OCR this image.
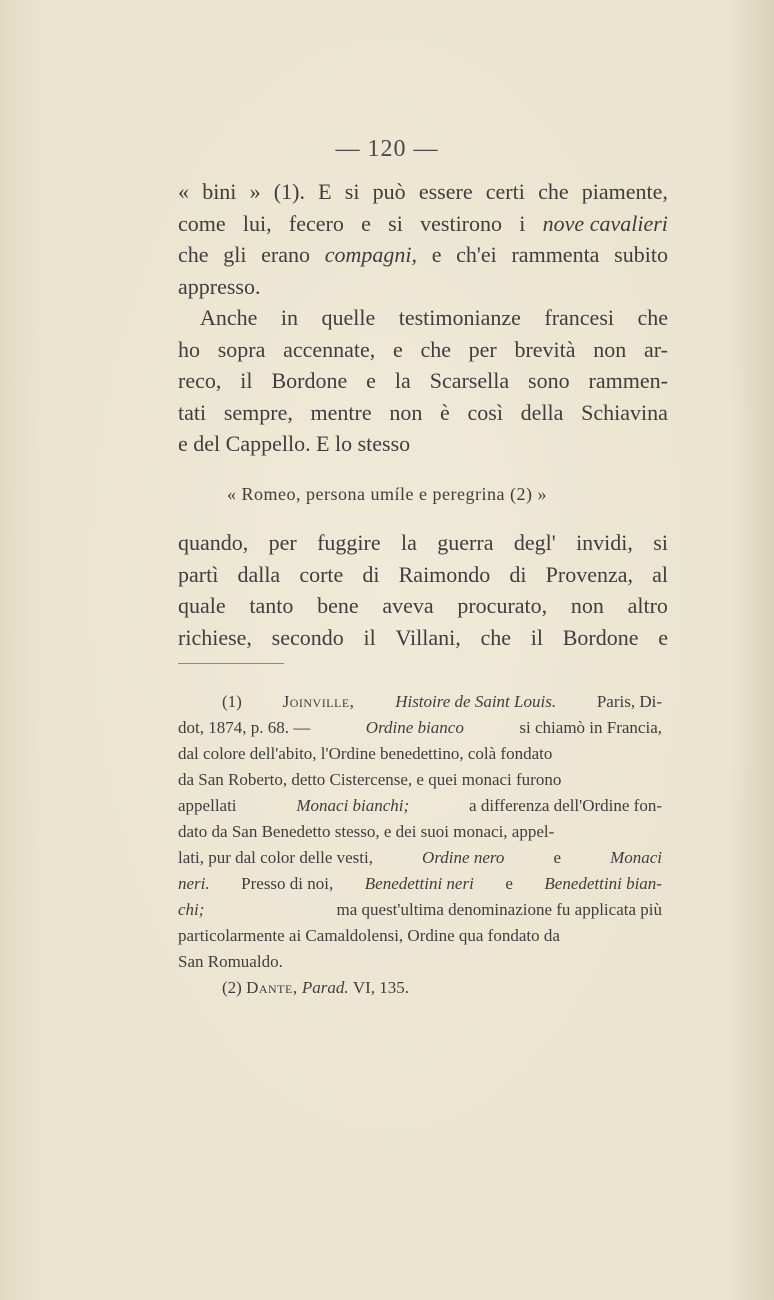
— 120 —
« bini » (1). E si può essere certi che piamente,
come lui, fecero e si vestirono i nove cavalieri
che gli erano compagni, e ch'ei rammenta subito
appresso.
Anche in quelle testimonianze francesi che
ho sopra accennate, e che per brevità non ar-
reco, il Bordone e la Scarsella sono rammen-
tati sempre, mentre non è così della Schiavina
e del Cappello. E lo stesso
« Romeo, persona umíle e peregrina (2) »
quando, per fuggire la guerra degl' invidi, si
partì dalla corte di Raimondo di Provenza, al
quale tanto bene aveva procurato, non altro
richiese, secondo il Villani, che il Bordone e
(1) Joinville, Histoire de Saint Louis. Paris, Di-
dot, 1874, p. 68. —	Ordine bianco	si chiamò in Francia,
dal colore dell'abito, l'Ordine benedettino, colà fondato
da San Roberto, detto Cistercense, e quei monaci furono
appellati	Monaci bianchi;	a differenza dell'Ordine fon-
dato da San Benedetto stesso, e dei suoi monaci, appel-
lati, pur dal color delle vesti,	Ordine nero	e	Monaci
neri. Presso di noi, Benedettini neri e Benedettini bian-
chi;	ma quest'ultima denominazione fu applicata più
particolarmente ai Camaldolensi, Ordine qua fondato da
San Romualdo.
(2)
Dante,
Parad.
VI, 135.
